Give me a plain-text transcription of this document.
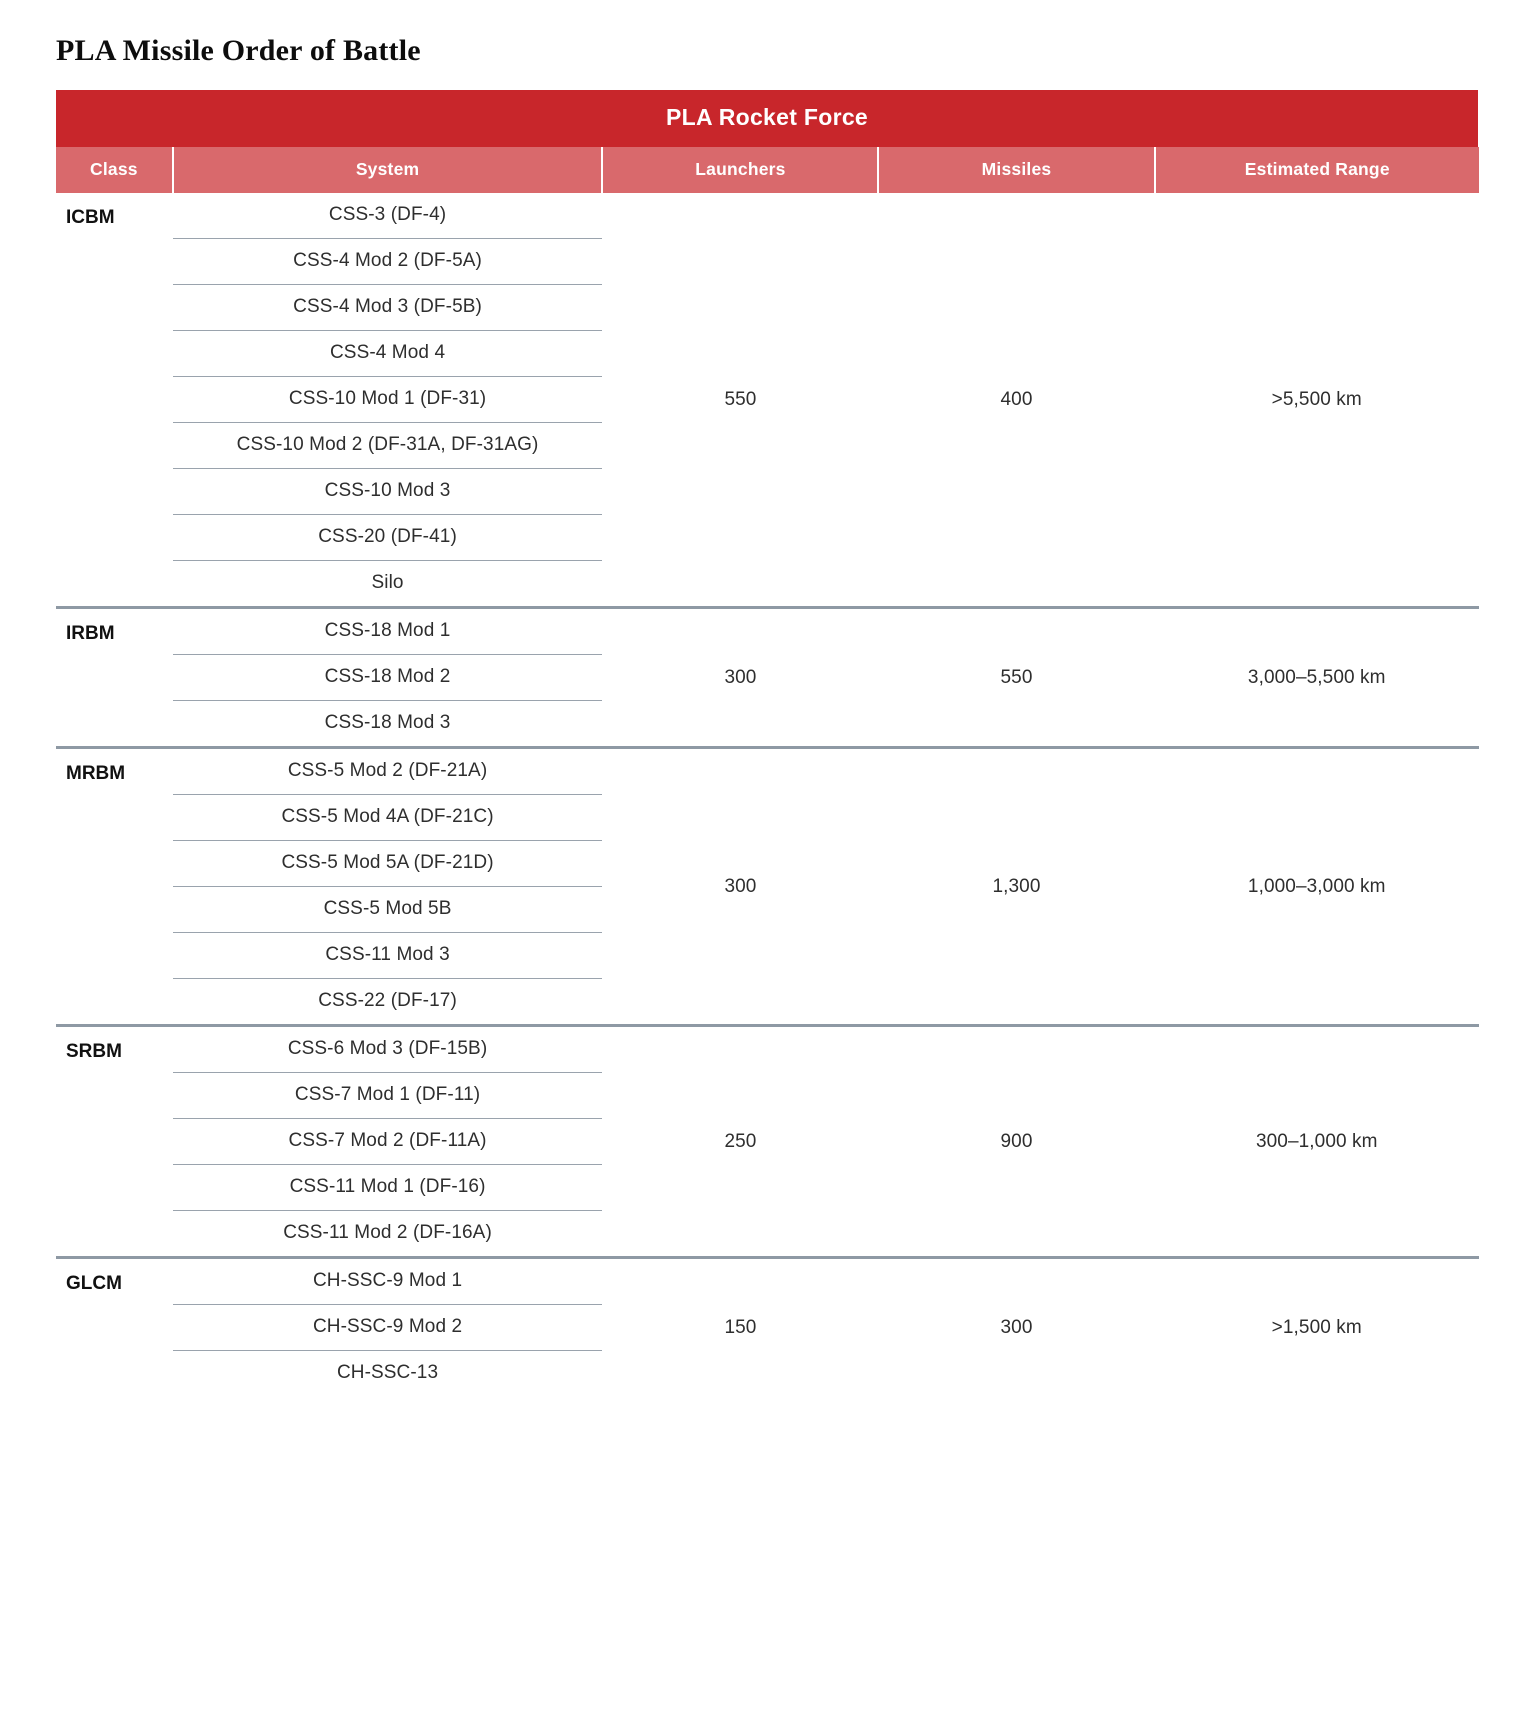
PLA Missile Order of Battle
PLA Rocket Force				
Class	System	Launchers	Missiles	Estimated Range
ICBM	CSS-3 (DF-4)
CSS-4 Mod 2 (DF-5A)
CSS-4 Mod 3 (DF-5B)
CSS-4 Mod 4
CSS-10 Mod 1 (DF-31)
CSS-10 Mod 2 (DF-31A, DF-31AG)
CSS-10 Mod 3
CSS-20 (DF-41)
Silo
	550	400	>5,500 km
IRBM	CSS-18 Mod 1
CSS-18 Mod 2
CSS-18 Mod 3
	300	550	3,000–5,500 km
MRBM	CSS-5 Mod 2 (DF-21A)
CSS-5 Mod 4A (DF-21C)
CSS-5 Mod 5A (DF-21D)
CSS-5 Mod 5B
CSS-11 Mod 3
CSS-22 (DF-17)
	300	1,300	1,000–3,000 km
SRBM	CSS-6 Mod 3 (DF-15B)
CSS-7 Mod 1 (DF-11)
CSS-7 Mod 2 (DF-11A)
CSS-11 Mod 1 (DF-16)
CSS-11 Mod 2 (DF-16A)
	250	900	300–1,000 km
GLCM	CH-SSC-9 Mod 1
CH-SSC-9 Mod 2
CH-SSC-13
	150	300	>1,500 km
